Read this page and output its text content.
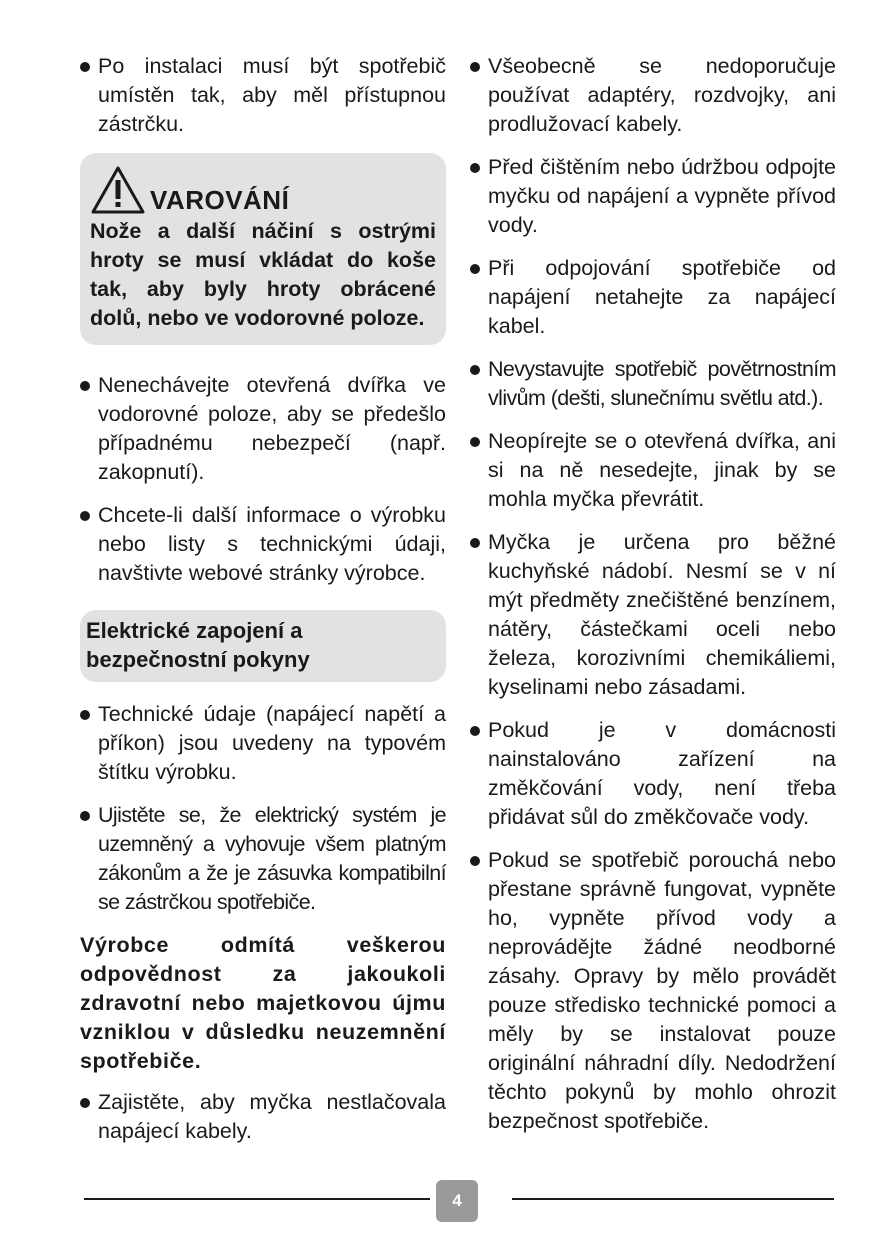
Po instalaci musí být spotřebič umístěn tak, aby měl přístupnou zástrčku.
VAROVÁNÍ
Nože a další náčiní s ostrými hroty se musí vkládat do koše tak, aby byly hroty obrácené dolů, nebo ve vodorovné poloze.
Nenechávejte otevřená dvířka ve vodorovné poloze, aby se předešlo případnému nebezpečí (např. zakopnutí).
Chcete-li další informace o výrobku nebo listy s technickými údaji, navštivte webové stránky výrobce.
Elektrické zapojení a bezpečnostní pokyny
Technické údaje (napájecí napětí a příkon) jsou uvedeny na typovém štítku výrobku.
Ujistěte se, že elektrický systém je uzemněný a vyhovuje všem platným zákonům a že je zásuvka kompatibilní se zástrčkou spotřebiče.
Výrobce odmítá veškerou odpovědnost za jakoukoli zdravotní nebo majetkovou újmu vzniklou v důsledku neuzemnění spotřebiče.
Zajistěte, aby myčka nestlačovala napájecí kabely.
Všeobecně se nedoporučuje používat adaptéry, rozdvojky, ani prodlužovací kabely.
Před čištěním nebo údržbou odpojte myčku od napájení a vypněte přívod vody.
Při odpojování spotřebiče od napájení netahejte za napájecí kabel.
Nevystavujte spotřebič povětrnostním vlivům (dešti, slunečnímu světlu atd.).
Neopírejte se o otevřená dvířka, ani si na ně nesedejte, jinak by se mohla myčka převrátit.
Myčka je určena pro běžné kuchyňské nádobí. Nesmí se v ní mýt předměty znečištěné benzínem, nátěry, částečkami oceli nebo železa, korozivními chemikáliemi, kyselinami nebo zásadami.
Pokud je v domácnosti nainstalováno zařízení na změkčování vody, není třeba přidávat sůl do změkčovače vody.
Pokud se spotřebič porouchá nebo přestane správně fungovat, vypněte ho, vypněte přívod vody a neprovádějte žádné neodborné zásahy. Opravy by mělo provádět pouze středisko technické pomoci a měly by se instalovat pouze originální náhradní díly. Nedodržení těchto pokynů by mohlo ohrozit bezpečnost spotřebiče.
4
